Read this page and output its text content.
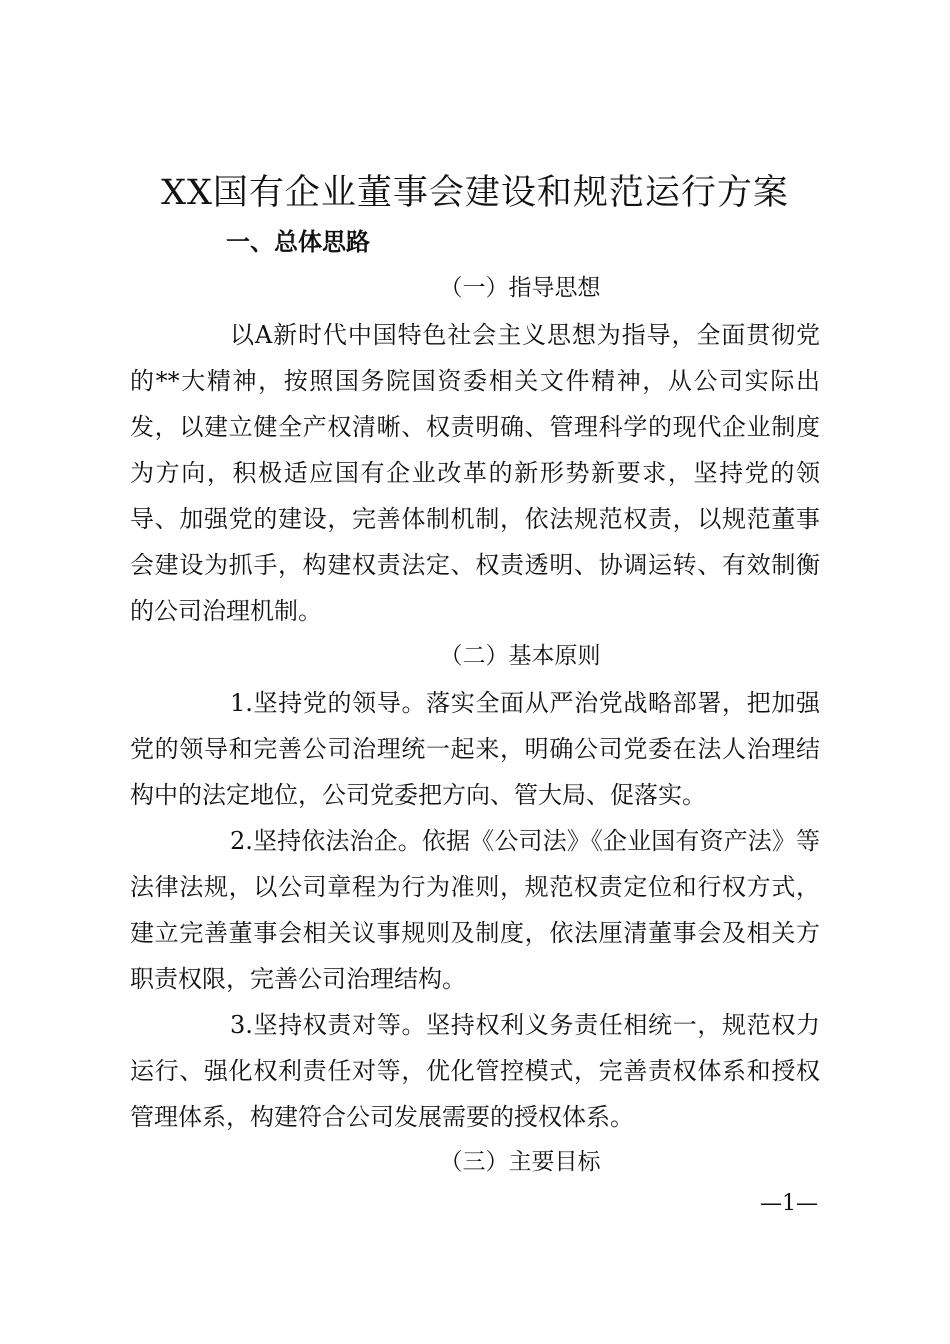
XX国有企业董事会建设和规范运行方案
一、总体思路
（一）指导思想

以A新时代中国特色社会主义思想为指导，全面贯彻党的**大精神，按照国务院国资委相关文件精神，从公司实际出发，以建立健全产权清晰、权责明确、管理科学的现代企业制度为方向，积极适应国有企业改革的新形势新要求，坚持党的领导、加强党的建设，完善体制机制，依法规范权责，以规范董事会建设为抓手，构建权责法定、权责透明、协调运转、有效制衡的公司治理机制。

（二）基本原则

1.坚持党的领导。落实全面从严治党战略部署，把加强党的领导和完善公司治理统一起来，明确公司党委在法人治理结构中的法定地位，公司党委把方向、管大局、促落实。

2.坚持依法治企。依据《公司法》《企业国有资产法》等法律法规，以公司章程为行为准则，规范权责定位和行权方式，建立完善董事会相关议事规则及制度，依法厘清董事会及相关方职责权限，完善公司治理结构。

3.坚持权责对等。坚持权利义务责任相统一，规范权力运行、强化权利责任对等，优化管控模式，完善责权体系和授权管理体系，构建符合公司发展需要的授权体系。

（三）主要目标
—1—
